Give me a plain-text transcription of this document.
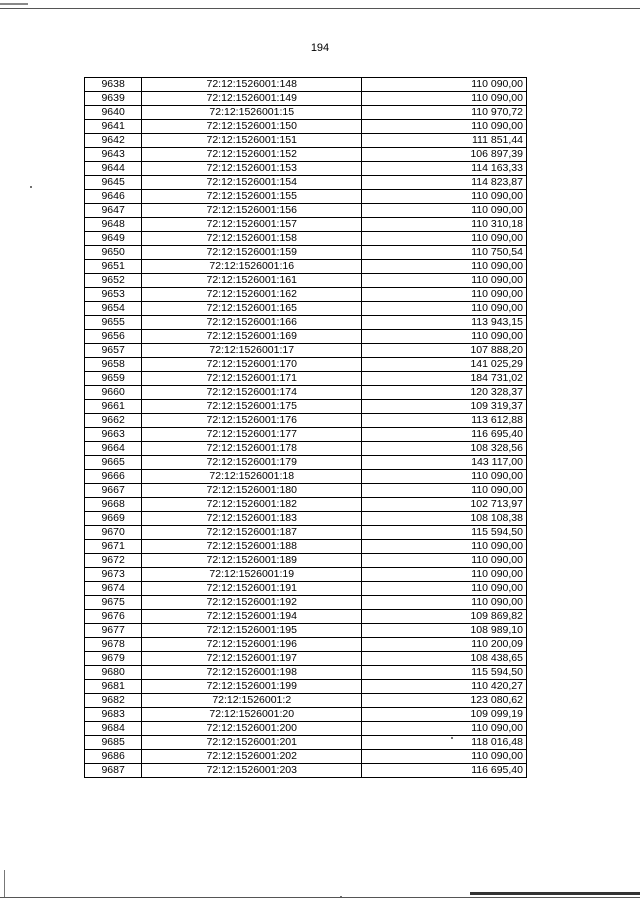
194
9638	72:12:1526001:148	110 090,00
9639	72:12:1526001:149	110 090,00
9640	72:12:1526001:15	110 970,72
9641	72:12:1526001:150	110 090,00
9642	72:12:1526001:151	111 851,44
9643	72:12:1526001:152	106 897,39
9644	72:12:1526001:153	114 163,33
9645	72:12:1526001:154	114 823,87
9646	72:12:1526001:155	110 090,00
9647	72:12:1526001:156	110 090,00
9648	72:12:1526001:157	110 310,18
9649	72:12:1526001:158	110 090,00
9650	72:12:1526001:159	110 750,54
9651	72:12:1526001:16	110 090,00
9652	72:12:1526001:161	110 090,00
9653	72:12:1526001:162	110 090,00
9654	72:12:1526001:165	110 090,00
9655	72:12:1526001:166	113 943,15
9656	72:12:1526001:169	110 090,00
9657	72:12:1526001:17	107 888,20
9658	72:12:1526001:170	141 025,29
9659	72:12:1526001:171	184 731,02
9660	72:12:1526001:174	120 328,37
9661	72:12:1526001:175	109 319,37
9662	72:12:1526001:176	113 612,88
9663	72:12:1526001:177	116 695,40
9664	72:12:1526001:178	108 328,56
9665	72:12:1526001:179	143 117,00
9666	72:12:1526001:18	110 090,00
9667	72:12:1526001:180	110 090,00
9668	72:12:1526001:182	102 713,97
9669	72:12:1526001:183	108 108,38
9670	72:12:1526001:187	115 594,50
9671	72:12:1526001:188	110 090,00
9672	72:12:1526001:189	110 090,00
9673	72:12:1526001:19	110 090,00
9674	72:12:1526001:191	110 090,00
9675	72:12:1526001:192	110 090,00
9676	72:12:1526001:194	109 869,82
9677	72:12:1526001:195	108 989,10
9678	72:12:1526001:196	110 200,09
9679	72:12:1526001:197	108 438,65
9680	72:12:1526001:198	115 594,50
9681	72:12:1526001:199	110 420,27
9682	72:12:1526001:2	123 080,62
9683	72:12:1526001:20	109 099,19
9684	72:12:1526001:200	110 090,00
9685	72:12:1526001:201	118 016,48
9686	72:12:1526001:202	110 090,00
9687	72:12:1526001:203	116 695,40
